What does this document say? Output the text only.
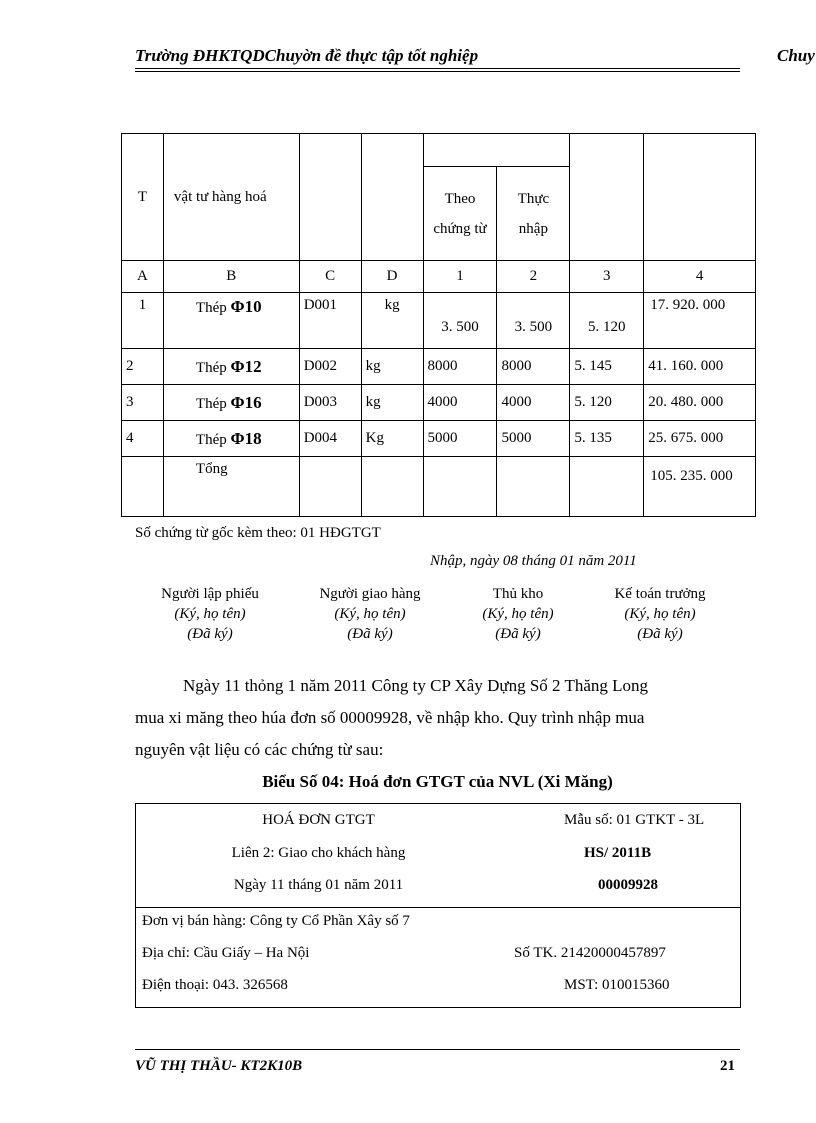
Trường ĐHKTQDChuyờn đề thực tập tốt nghiệp	Chuy
T	vật tư hàng hoá						
				Theo chứng từ	Thực nhập		
A	B	C	D	1	2	3	4
1	Thép Φ10	D001	kg	3. 500	3. 500	5. 120	17. 920. 000
2	Thép Φ12	D002	kg	8000	8000	5. 145	41. 160. 000
3	Thép Φ16	D003	kg	4000	4000	5. 120	20. 480. 000
4	Thép Φ18	D004	Kg	5000	5000	5. 135	25. 675. 000
	Tổng						105. 235. 000
Số chứng từ gốc kèm theo: 01 HĐGTGT
Nhập, ngày 08 tháng 01 năm 2011
Người lập phiếu
(Ký, họ tên)
(Đã ký)
Người giao hàng
(Ký, họ tên)
(Đã ký)
Thủ kho
(Ký, họ tên)
(Đã ký)
Kế toán trưởng
(Ký, họ tên)
(Đã ký)
Ngày 11 thỏng 1 năm 2011 Công ty CP Xây Dựng Số 2 Thăng Long
mua xi măng theo húa đơn số 00009928, về nhập kho. Quy trình nhập mua
nguyên vật liệu có các chứng từ sau:
Biểu Số 04: Hoá đơn GTGT của NVL (Xi Măng)
HOÁ ĐƠN GTGT	Mẫu số: 01 GTKT - 3L
Liên 2: Giao cho khách hàng	HS/ 2011B
Ngày 11 tháng 01 năm 2011	00009928
Đơn vị bán hàng: Công ty Cổ Phần Xây số 7
Địa chỉ: Cầu Giấy – Ha Nội	Số TK. 21420000457897
Điện thoại: 043. 326568	MST: 010015360
VŨ THỊ THẦU- KT2K10B	21
